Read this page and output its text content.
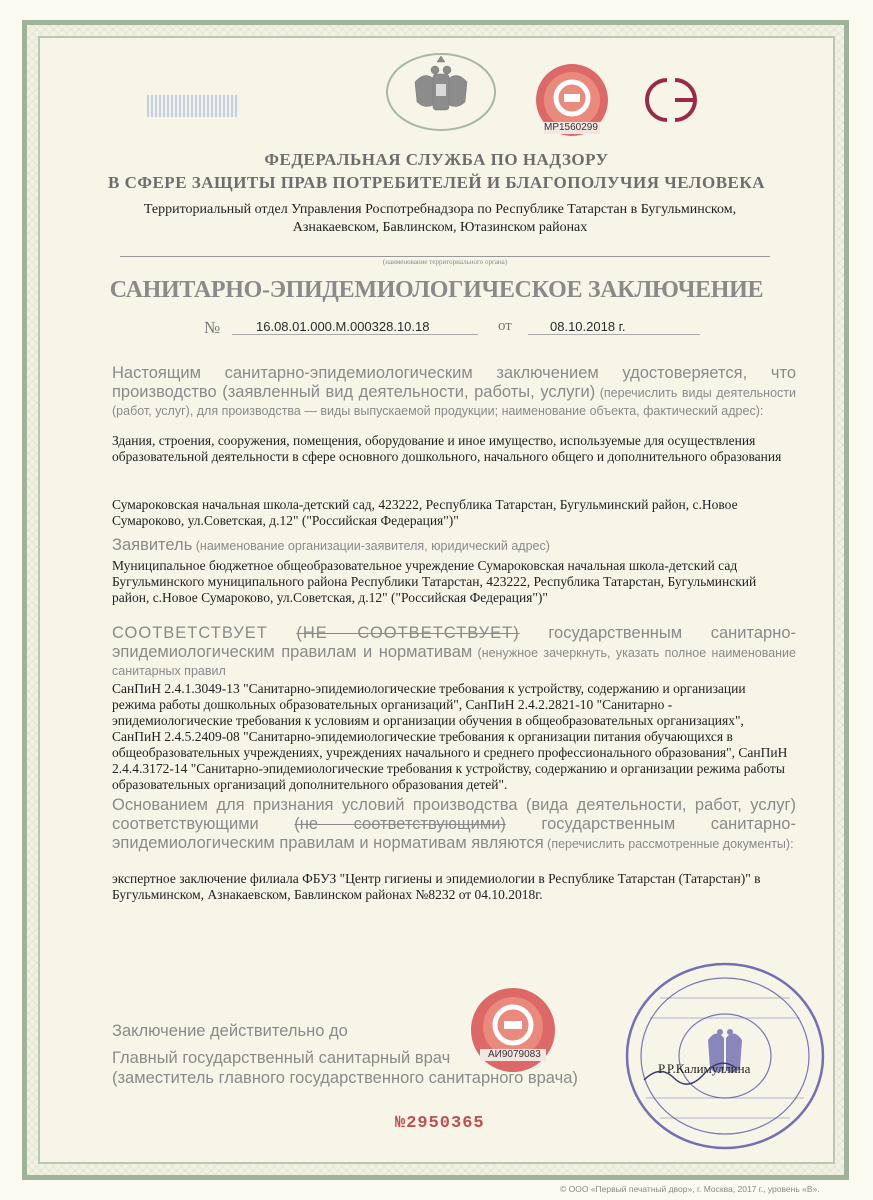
МР1560299
ФЕДЕРАЛЬНАЯ СЛУЖБА ПО НАДЗОРУ
В СФЕРЕ ЗАЩИТЫ ПРАВ ПОТРЕБИТЕЛЕЙ И БЛАГОПОЛУЧИЯ ЧЕЛОВЕКА
Территориальный отдел Управления Роспотребнадзора по Республике Татарстан в Бугульминском, Азнакаевском, Бавлинском, Ютазинском районах
(наименование территориального органа)
САНИТАРНО-ЭПИДЕМИОЛОГИЧЕСКОЕ ЗАКЛЮЧЕНИЕ
№	16.08.01.000.М.000328.10.18	от	08.10.2018 г.
Настоящим санитарно-эпидемиологическим заключением удостоверяется, что производство (заявленный вид деятельности, работы, услуги) (перечислить виды деятельности (работ, услуг), для производства — виды выпускаемой продукции; наименование объекта, фактический адрес):
Здания, строения, сооружения, помещения, оборудование и иное имущество, используемые для осуществления образовательной деятельности в сфере основного дошкольного, начального общего и дополнительного образования
Сумароковская начальная школа-детский сад, 423222, Республика Татарстан, Бугульминский район, с.Новое Сумароково, ул.Советская, д.12" ("Российская Федерация")"
Заявитель (наименование организации-заявителя, юридический адрес)
Муниципальное бюджетное общеобразовательное учреждение Сумароковская начальная школа-детский сад Бугульминского муниципального района Республики Татарстан, 423222, Республика Татарстан, Бугульминский район, с.Новое Сумароково, ул.Советская, д.12" ("Российская Федерация")"
СООТВЕТСТВУЕТ (НЕ СООТВЕТСТВУЕТ) государственным санитарно-эпидемиологическим правилам и нормативам (ненужное зачеркнуть, указать полное наименование санитарных правил
СанПиН 2.4.1.3049-13 "Санитарно-эпидемиологические требования к устройству, содержанию и организации режима работы дошкольных образовательных организаций", СанПиН 2.4.2.2821-10 "Санитарно - эпидемиологические требования к условиям и организации обучения в общеобразовательных организациях", СанПиН 2.4.5.2409-08 "Санитарно-эпидемиологические требования к организации питания обучающихся в общеобразовательных учреждениях, учреждениях начального и среднего профессионального образования", СанПиН 2.4.4.3172-14 "Санитарно-эпидемиологические требования к устройству, содержанию и организации режима работы образовательных организаций дополнительного образования детей".
Основанием для признания условий производства (вида деятельности, работ, услуг) соответствующими (не соответствующими) государственным санитарно-эпидемиологическим правилам и нормативам являются (перечислить рассмотренные документы):
экспертное заключение филиала ФБУЗ "Центр гигиены и эпидемиологии в Республике Татарстан (Татарстан)" в Бугульминском, Азнакаевском, Бавлинском районах №8232 от 04.10.2018г.
АИ9079083
Заключение действительно до
Главный государственный санитарный врач
(заместитель главного государственного санитарного врача)
Р.Р.Калимуллина
№2950365
© ООО «Первый печатный двор», г. Москва, 2017 г., уровень «В».
